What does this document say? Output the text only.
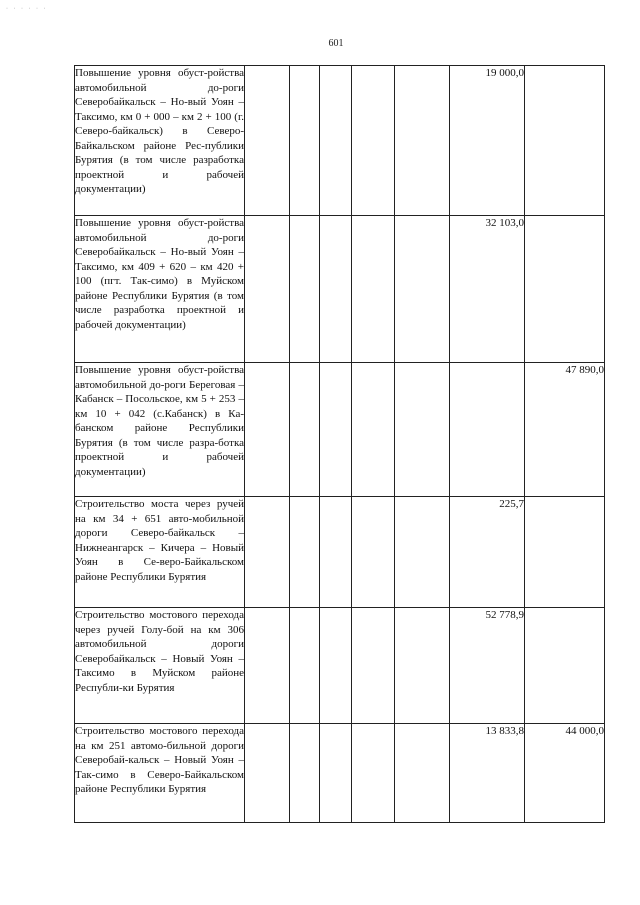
· · · · · ·
601
Повышение уровня обуст-ройства автомобильной до-роги Северобайкальск – Но-вый Уоян – Таксимо, км 0 + 000 – км 2 + 100 (г. Северо-байкальск) в Северо-Байкальском районе Рес-публики Бурятия (в том числе разработка проектной и рабочей документации)						19 000,0	
Повышение уровня обуст-ройства автомобильной до-роги Северобайкальск – Но-вый Уоян – Таксимо, км 409 + 620 – км 420 + 100 (пгт. Так-симо) в Муйском районе Республики Бурятия (в том числе разработка проектной и рабочей документации)						32 103,0	
Повышение уровня обуст-ройства автомобильной до-роги Береговая – Кабанск – Посольское, км 5 + 253 – км 10 + 042 (с.Кабанск) в Ка-банском районе Республики Бурятия (в том числе разра-ботка проектной и рабочей документации)							47 890,0
Строительство моста через ручей на км 34 + 651 авто-мобильной дороги Северо-байкальск – Нижнеангарск – Кичера – Новый Уоян в Се-веро-Байкальском районе Республики Бурятия						225,7	
Строительство мостового перехода через ручей Голу-бой на км 306 автомобильной дороги Северобайкальск – Новый Уоян – Таксимо в Муйском районе Республи-ки Бурятия						52 778,9	
Строительство мостового перехода на км 251 автомо-бильной дороги Северобай-кальск – Новый Уоян – Так-симо в Северо-Байкальском районе Республики Бурятия						13 833,8	44 000,0
